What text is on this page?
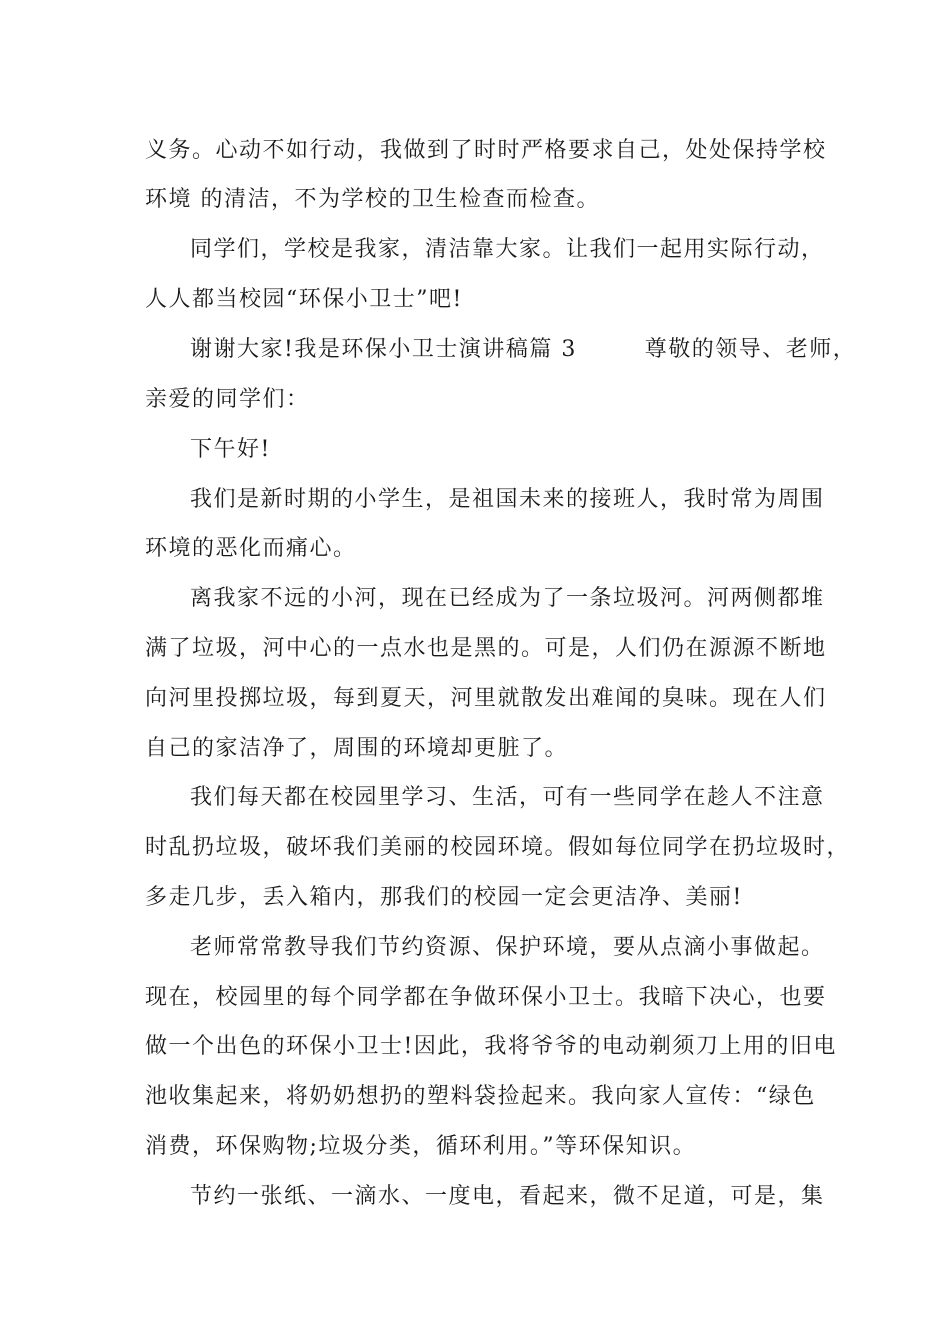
义务。心动不如行动，我做到了时时严格要求自己，处处保持学校
环境 的清洁，不为学校的卫生检查而检查。
同学们，学校是我家，清洁靠大家。让我们一起用实际行动，
人人都当校园“环保小卫士”吧!
谢谢大家!我是环保小卫士演讲稿篇 3        尊敬的领导、老师，
亲爱的同学们：
下午好!
我们是新时期的小学生，是祖国未来的接班人，我时常为周围
环境的恶化而痛心。
离我家不远的小河，现在已经成为了一条垃圾河。河两侧都堆
满了垃圾，河中心的一点水也是黑的。可是，人们仍在源源不断地
向河里投掷垃圾，每到夏天，河里就散发出难闻的臭味。现在人们
自己的家洁净了，周围的环境却更脏了。
我们每天都在校园里学习、生活，可有一些同学在趁人不注意
时乱扔垃圾，破坏我们美丽的校园环境。假如每位同学在扔垃圾时，
多走几步，丢入箱内，那我们的校园一定会更洁净、美丽!
老师常常教导我们节约资源、保护环境，要从点滴小事做起。
现在，校园里的每个同学都在争做环保小卫士。我暗下决心，也要
做一个出色的环保小卫士!因此，我将爷爷的电动剃须刀上用的旧电
池收集起来，将奶奶想扔的塑料袋捡起来。我向家人宣传：“绿色
消费，环保购物;垃圾分类，循环利用。”等环保知识。
节约一张纸、一滴水、一度电，看起来，微不足道，可是，集
